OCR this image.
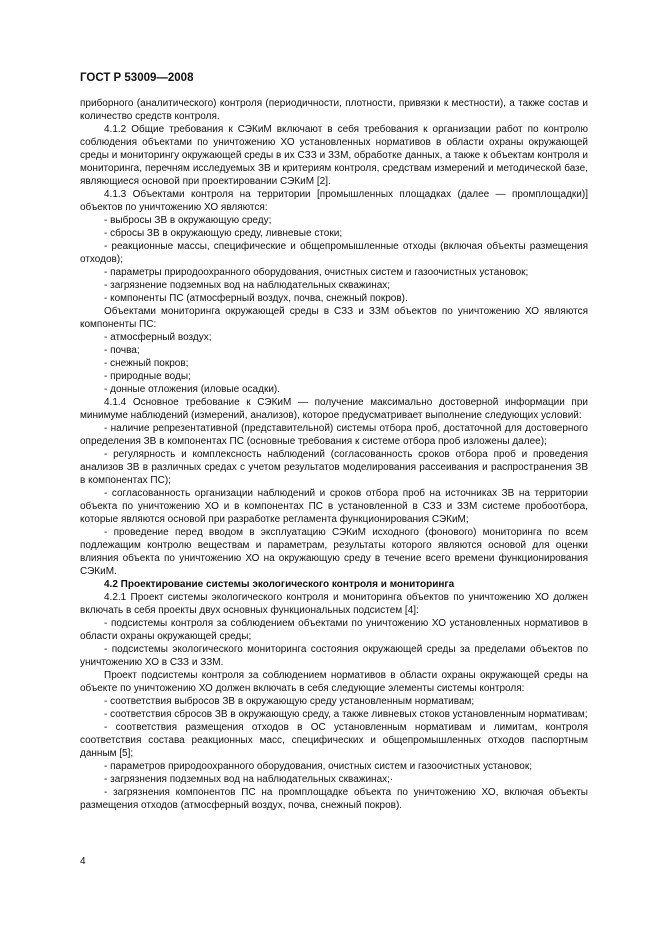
ГОСТ Р 53009—2008

приборного (аналитического) контроля (периодичности, плотности, привязки к местности), а также состав и количество средств контроля.

4.1.2 Общие требования к СЭКиМ включают в себя требования к организации работ по контролю соблюдения объектами по уничтожению ХО установленных нормативов в области охраны окружающей среды и мониторингу окружающей среды в их СЗЗ и ЗЗМ, обработке данных, а также к объектам контроля и мониторинга, перечням исследуемых ЗВ и критериям контроля, средствам измерений и методической базе, являющиеся основой при проектировании СЭКиМ [2].

4.1.3 Объектами контроля на территории [промышленных площадках (далее — промплощадки)] объектов по уничтожению ХО являются:

- выбросы ЗВ в окружающую среду;

- сбросы ЗВ в окружающую среду, ливневые стоки;

- реакционные массы, специфические и общепромышленные отходы (включая объекты размещения отходов);

- параметры природоохранного оборудования, очистных систем и газоочистных установок;

- загрязнение подземных вод на наблюдательных скважинах;

- компоненты ПС (атмосферный воздух, почва, снежный покров).

Объектами мониторинга окружающей среды в СЗЗ и ЗЗМ объектов по уничтожению ХО являются компоненты ПС:

- атмосферный воздух;

- почва;

- снежный покров;

- природные воды;

- донные отложения (иловые осадки).

4.1.4 Основное требование к СЭКиМ — получение максимально достоверной информации при минимуме наблюдений (измерений, анализов), которое предусматривает выполнение следующих условий:

- наличие репрезентативной (представительной) системы отбора проб, достаточной для достоверного определения ЗВ в компонентах ПС (основные требования к системе отбора проб изложены далее);

- регулярность и комплексность наблюдений (согласованность сроков отбора проб и проведения анализов ЗВ в различных средах с учетом результатов моделирования рассеивания и распространения ЗВ в компонентах ПС);

- согласованность организации наблюдений и сроков отбора проб на источниках ЗВ на территории объекта по уничтожению ХО и в компонентах ПС в установленной в СЗЗ и ЗЗМ системе пробоотбора, которые являются основой при разработке регламента функционирования СЭКиМ;

- проведение перед вводом в эксплуатацию СЭКиМ исходного (фонового) мониторинга по всем подлежащим контролю веществам и параметрам, результаты которого являются основой для оценки влияния объекта по уничтожению ХО на окружающую среду в течение всего времени функционирования СЭКиМ.

4.2 Проектирование системы экологического контроля и мониторинга

4.2.1 Проект системы экологического контроля и мониторинга объектов по уничтожению ХО должен включать в себя проекты двух основных функциональных подсистем [4]:

- подсистемы контроля за соблюдением объектами по уничтожению ХО установленных нормативов в области охраны окружающей среды;

- подсистемы экологического мониторинга состояния окружающей среды за пределами объектов по уничтожению ХО в СЗЗ и ЗЗМ.

Проект подсистемы контроля за соблюдением нормативов в области охраны окружающей среды на объекте по уничтожению ХО должен включать в себя следующие элементы системы контроля:

- соответствия выбросов ЗВ в окружающую среду установленным нормативам;

- соответствия сбросов ЗВ в окружающую среду, а также ливневых стоков установленным нормативам;

- соответствия размещения отходов в ОС установленным нормативам и лимитам, контроля соответствия состава реакционных масс, специфических и общепромышленных отходов паспортным данным [5];

- параметров природоохранного оборудования, очистных систем и газоочистных установок;

- загрязнения подземных вод на наблюдательных скважинах;·

- загрязнения компонентов ПС на промплощадке объекта по уничтожению ХО, включая объекты размещения отходов (атмосферный воздух, почва, снежный покров).

4
